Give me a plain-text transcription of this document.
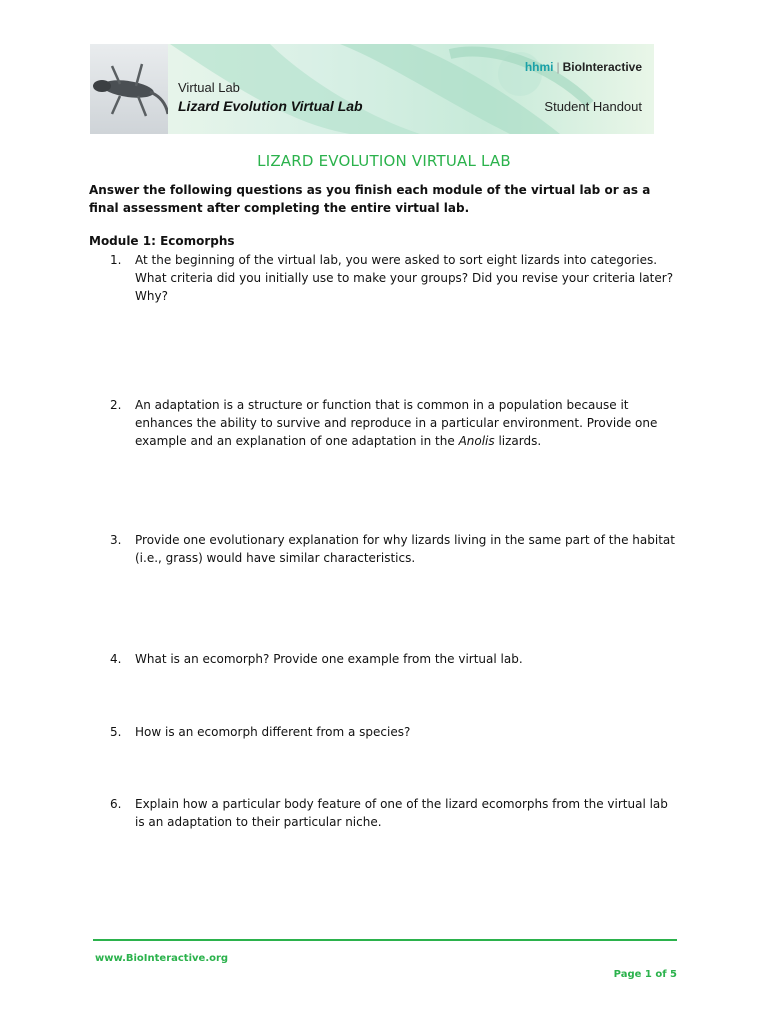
Virtual Lab
Lizard Evolution Virtual Lab
hhmi | BioInteractive
Student Handout
LIZARD EVOLUTION VIRTUAL LAB
Answer the following questions as you finish each module of the virtual lab or as a final assessment after completing the entire virtual lab.
Module 1: Ecomorphs
1. At the beginning of the virtual lab, you were asked to sort eight lizards into categories. What criteria did you initially use to make your groups? Did you revise your criteria later? Why?
2. An adaptation is a structure or function that is common in a population because it enhances the ability to survive and reproduce in a particular environment. Provide one example and an explanation of one adaptation in the Anolis lizards.
3. Provide one evolutionary explanation for why lizards living in the same part of the habitat (i.e., grass) would have similar characteristics.
4. What is an ecomorph? Provide one example from the virtual lab.
5. How is an ecomorph different from a species?
6. Explain how a particular body feature of one of the lizard ecomorphs from the virtual lab is an adaptation to their particular niche.
www.BioInteractive.org
Page 1 of 5
